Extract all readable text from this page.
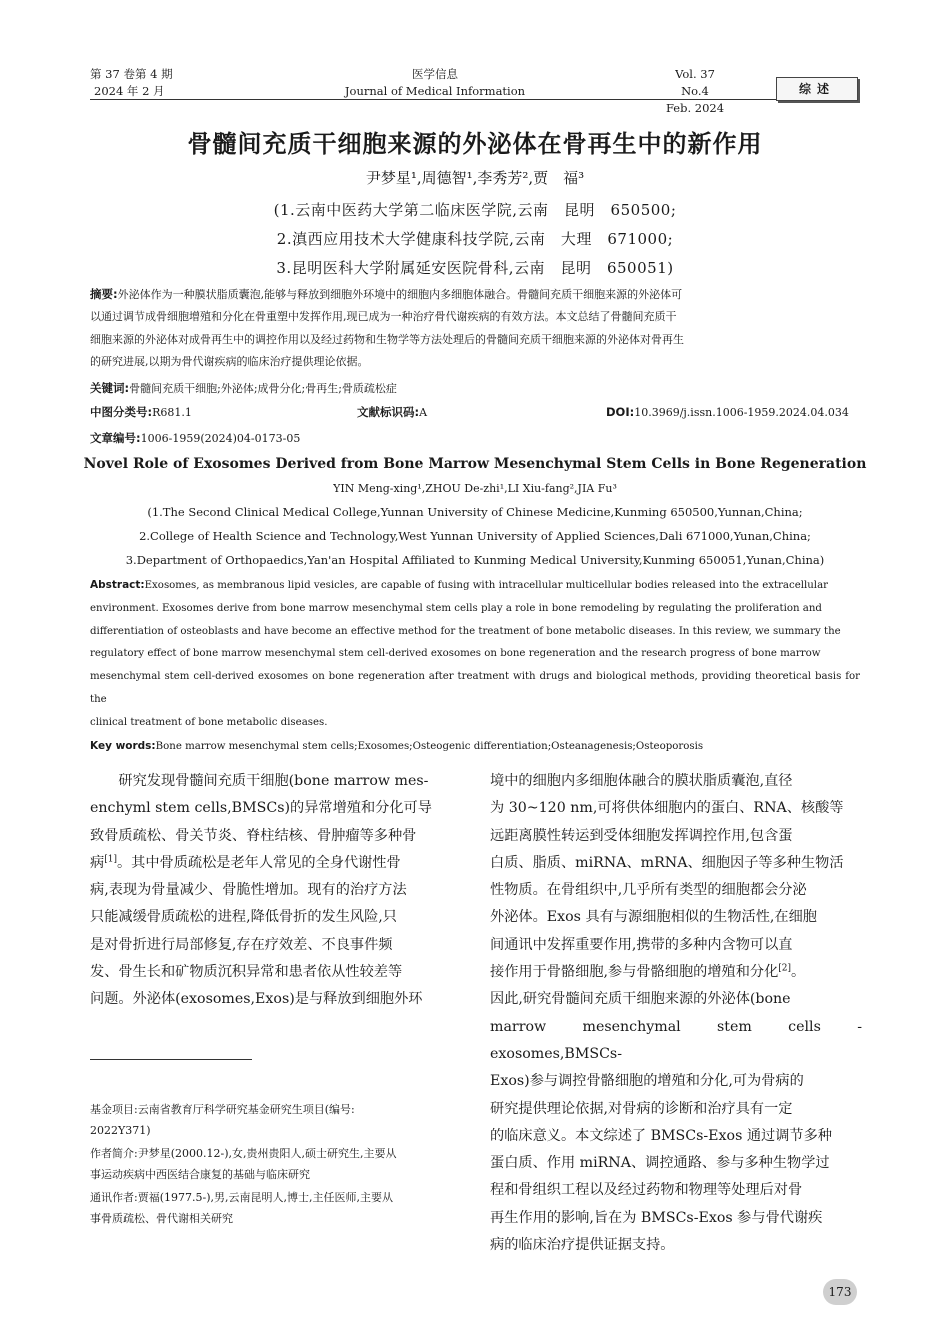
第 37 卷第 4 期
2024 年 2 月
医学信息
Journal of Medical Information
Vol. 37 No.4
Feb. 2024
综述
骨髓间充质干细胞来源的外泌体在骨再生中的新作用
尹梦星¹,周德智¹,李秀芳²,贾　福³
(1.云南中医药大学第二临床医学院,云南　昆明　650500;
2.滇西应用技术大学健康科技学院,云南　大理　671000;
3.昆明医科大学附属延安医院骨科,云南　昆明　650051)
摘要:外泌体作为一种膜状脂质囊泡,能够与释放到细胞外环境中的细胞内多细胞体融合。骨髓间充质干细胞来源的外泌体可
以通过调节成骨细胞增殖和分化在骨重塑中发挥作用,现已成为一种治疗骨代谢疾病的有效方法。本文总结了骨髓间充质干
细胞来源的外泌体对成骨再生中的调控作用以及经过药物和生物学等方法处理后的骨髓间充质干细胞来源的外泌体对骨再生
的研究进展,以期为骨代谢疾病的临床治疗提供理论依据。
关键词:骨髓间充质干细胞;外泌体;成骨分化;骨再生;骨质疏松症
中图分类号:R681.1	文献标识码:A	DOI:10.3969/j.issn.1006-1959.2024.04.034
文章编号:1006-1959(2024)04-0173-05
Novel Role of Exosomes Derived from Bone Marrow Mesenchymal Stem Cells in Bone Regeneration
YIN Meng-xing¹,ZHOU De-zhi¹,LI Xiu-fang²,JIA Fu³
(1.The Second Clinical Medical College,Yunnan University of Chinese Medicine,Kunming 650500,Yunnan,China;
2.College of Health Science and Technology,West Yunnan University of Applied Sciences,Dali 671000,Yunan,China;
3.Department of Orthopaedics,Yan'an Hospital Affiliated to Kunming Medical University,Kunming 650051,Yunan,China)
Abstract:Exosomes, as membranous lipid vesicles, are capable of fusing with intracellular multicellular bodies released into the extracellular
environment. Exosomes derive from bone marrow mesenchymal stem cells play a role in bone remodeling by regulating the proliferation and
differentiation of osteoblasts and have become an effective method for the treatment of bone metabolic diseases. In this review, we summary the
regulatory effect of bone marrow mesenchymal stem cell-derived exosomes on bone regeneration and the research progress of bone marrow
mesenchymal stem cell-derived exosomes on bone regeneration after treatment with drugs and biological methods, providing theoretical basis for the
clinical treatment of bone metabolic diseases.
Key words:Bone marrow mesenchymal stem cells;Exosomes;Osteogenic differentiation;Osteanagenesis;Osteoporosis
研究发现骨髓间充质干细胞(bone marrow mes-
enchyml stem cells,BMSCs)的异常增殖和分化可导
致骨质疏松、骨关节炎、脊柱结核、骨肿瘤等多种骨
病[1]。其中骨质疏松是老年人常见的全身代谢性骨
病,表现为骨量减少、骨脆性增加。现有的治疗方法
只能减缓骨质疏松的进程,降低骨折的发生风险,只
是对骨折进行局部修复,存在疗效差、不良事件频
发、骨生长和矿物质沉积异常和患者依从性较差等
问题。外泌体(exosomes,Exos)是与释放到细胞外环
境中的细胞内多细胞体融合的膜状脂质囊泡,直径
为 30~120 nm,可将供体细胞内的蛋白、RNA、核酸等
远距离膜性转运到受体细胞发挥调控作用,包含蛋
白质、脂质、miRNA、mRNA、细胞因子等多种生物活
性物质。在骨组织中,几乎所有类型的细胞都会分泌
外泌体。Exos 具有与源细胞相似的生物活性,在细胞
间通讯中发挥重要作用,携带的多种内含物可以直
接作用于骨骼细胞,参与骨骼细胞的增殖和分化[2]。
因此,研究骨髓间充质干细胞来源的外泌体(bone
marrow mesenchymal stem cells - exosomes,BMSCs-
Exos)参与调控骨骼细胞的增殖和分化,可为骨病的
研究提供理论依据,对骨病的诊断和治疗具有一定
的临床意义。本文综述了 BMSCs-Exos 通过调节多种
蛋白质、作用 miRNA、调控通路、参与多种生物学过
程和骨组织工程以及经过药物和物理等处理后对骨
再生作用的影响,旨在为 BMSCs-Exos 参与骨代谢疾
病的临床治疗提供证据支持。
基金项目:云南省教育厅科学研究基金研究生项目(编号:
2022Y371)
作者简介:尹梦星(2000.12-),女,贵州贵阳人,硕士研究生,主要从
事运动疾病中西医结合康复的基础与临床研究
通讯作者:贾福(1977.5-),男,云南昆明人,博士,主任医师,主要从
事骨质疏松、骨代谢相关研究
173
